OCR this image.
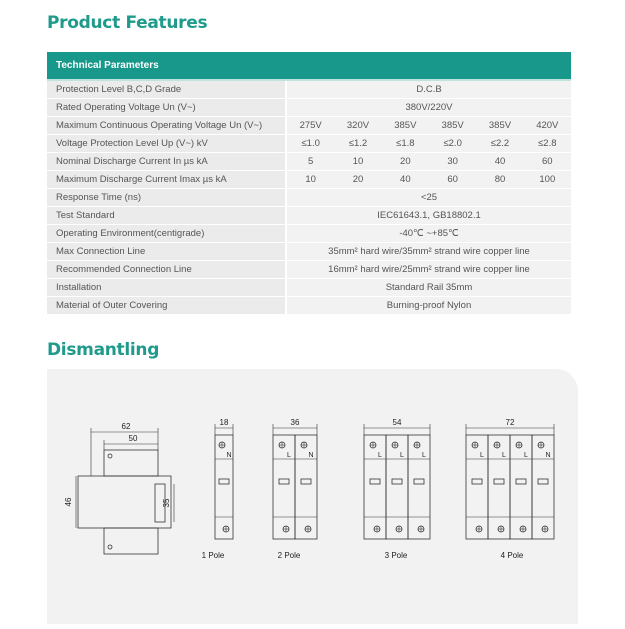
Product Features
Technical Parameters
Protection Level B,C,D Grade	D.C.B
Rated Operating Voltage Un (V~)	380V/220V
Maximum Continuous Operating Voltage Un (V~)	275V	320V	385V	385V	385V	420V
Voltage Protection Level Up (V~) kV	≤1.0	≤1.2	≤1.8	≤2.0	≤2.2	≤2.8
Nominal Discharge Current In µs kA	5	10	20	30	40	60
Maximum Discharge Current Imax µs kA	10	20	40	60	80	100
Response Time (ns)	<25
Test Standard	IEC61643.1, GB18802.1
Operating Environment(centigrade)	-40℃ ~+85℃
Max Connection Line	35mm² hard wire/35mm² strand wire copper line
Recommended Connection Line	16mm² hard wire/25mm² strand wire copper line
Installation	Standard Rail 35mm
Material of Outer Covering	Burning-proof Nylon
Dismantling
62
50
46	35
18
N
1 Pole
36
L	N
2 Pole
54
L	L	L
3 Pole
72
L	L	L	N
4 Pole
